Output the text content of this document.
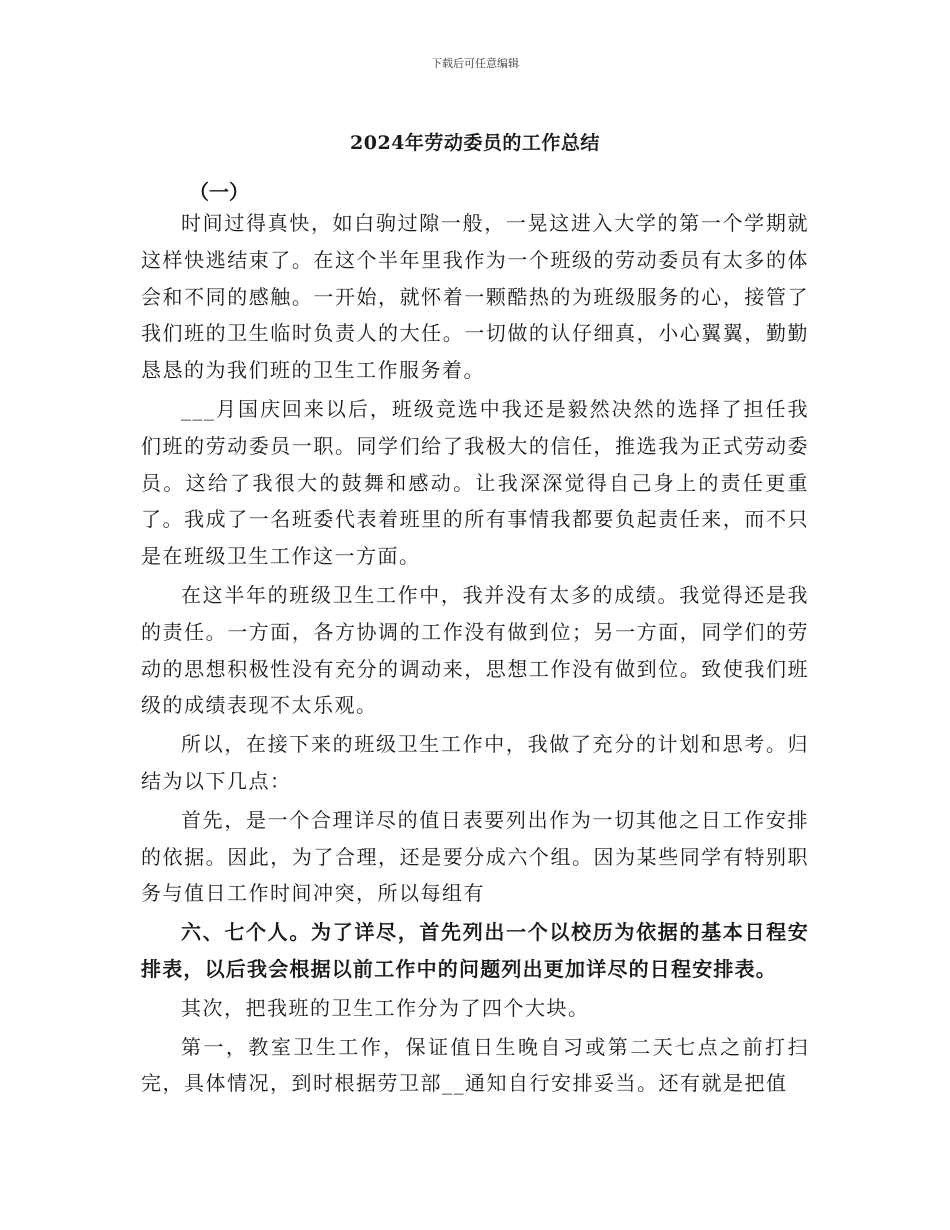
下载后可任意编辑
2024年劳动委员的工作总结
（一）

时间过得真快，如白驹过隙一般，一晃这进入大学的第一个学期就这样快逃结束了。在这个半年里我作为一个班级的劳动委员有太多的体会和不同的感触。一开始，就怀着一颗酷热的为班级服务的心，接管了我们班的卫生临时负责人的大任。一切做的认仔细真，小心翼翼，勤勤恳恳的为我们班的卫生工作服务着。

___月国庆回来以后，班级竞选中我还是毅然决然的选择了担任我们班的劳动委员一职。同学们给了我极大的信任，推选我为正式劳动委员。这给了我很大的鼓舞和感动。让我深深觉得自己身上的责任更重了。我成了一名班委代表着班里的所有事情我都要负起责任来，而不只是在班级卫生工作这一方面。

在这半年的班级卫生工作中，我并没有太多的成绩。我觉得还是我的责任。一方面，各方协调的工作没有做到位；另一方面，同学们的劳动的思想积极性没有充分的调动来，思想工作没有做到位。致使我们班级的成绩表现不太乐观。

所以，在接下来的班级卫生工作中，我做了充分的计划和思考。归结为以下几点：

首先，是一个合理详尽的值日表要列出作为一切其他之日工作安排的依据。因此，为了合理，还是要分成六个组。因为某些同学有特别职务与值日工作时间冲突，所以每组有

六、七个人。为了详尽，首先列出一个以校历为依据的基本日程安排表，以后我会根据以前工作中的问题列出更加详尽的日程安排表。

其次，把我班的卫生工作分为了四个大块。

第一，教室卫生工作，保证值日生晚自习或第二天七点之前打扫完，具体情况，到时根据劳卫部__通知自行安排妥当。还有就是把值
